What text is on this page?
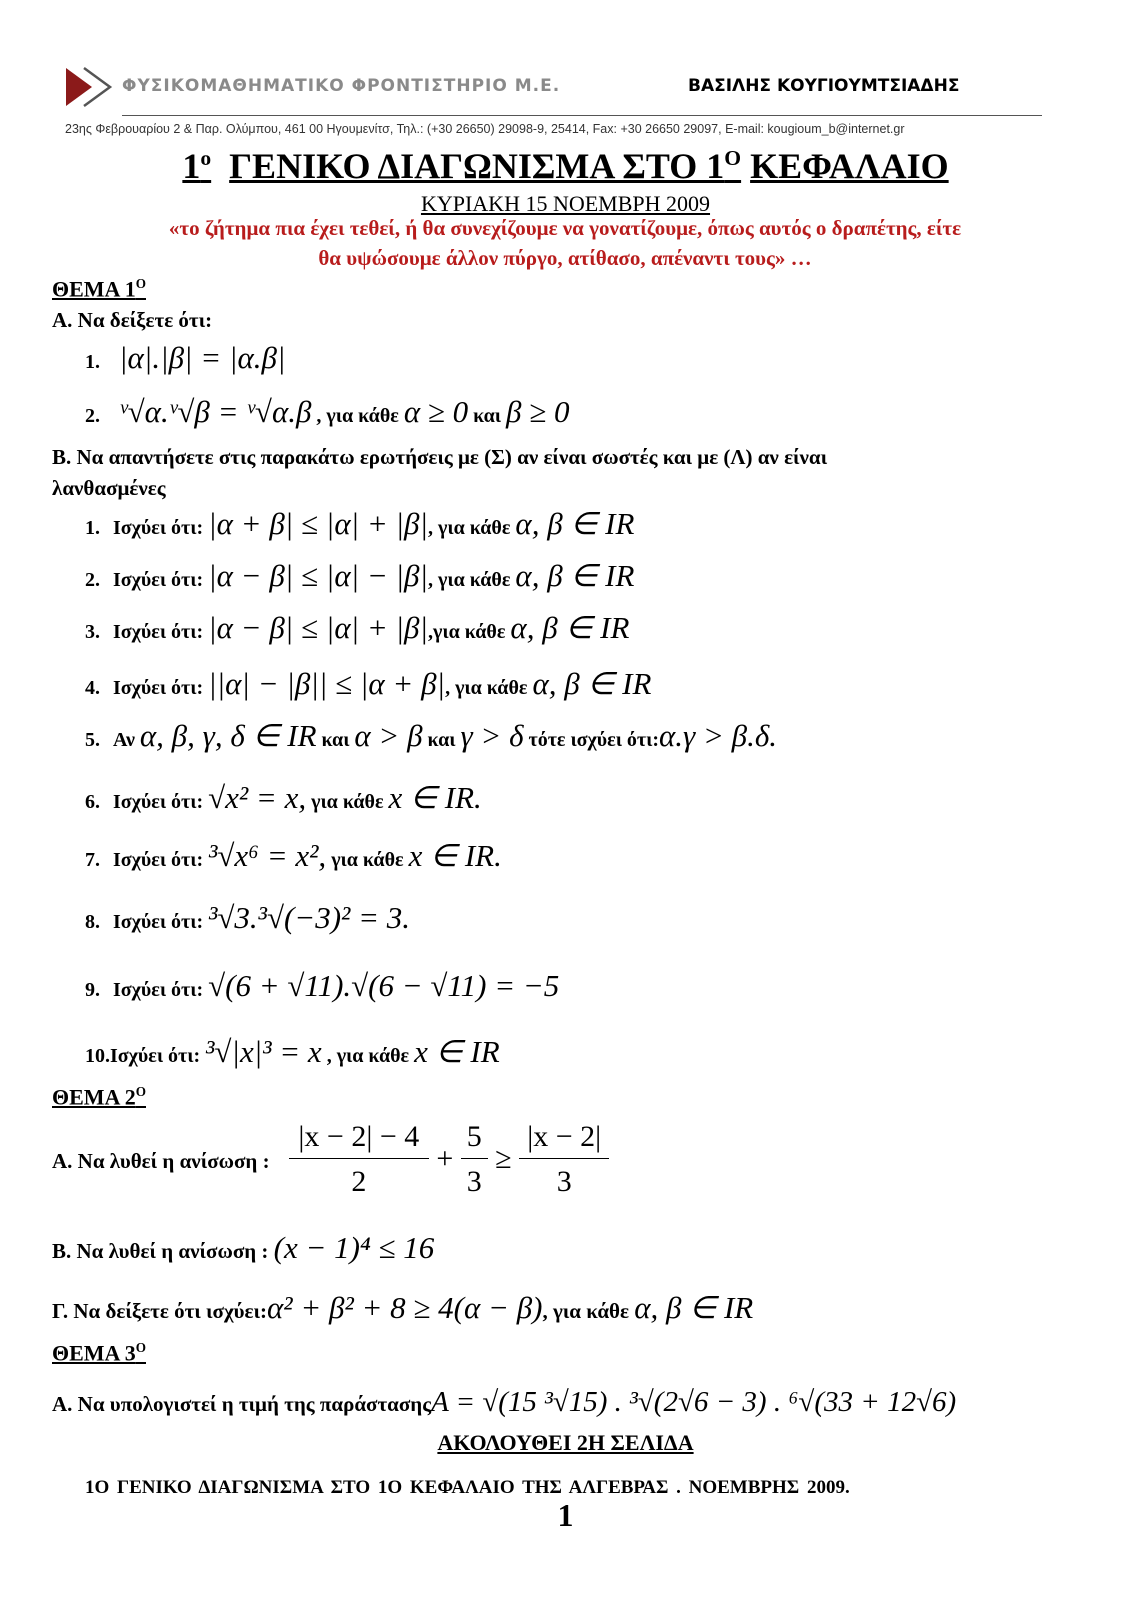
ΦΥΣΙΚΟΜΑΘΗΜΑΤΙΚΟ ΦΡΟΝΤΙΣΤΗΡΙΟ Μ.Ε.	ΒΑΣΙΛΗΣ ΚΟΥΓΙΟΥΜΤΣΙΑΔΗΣ
23ης Φεβρουαρίου 2 & Παρ. Ολύμπου, 461 00 Ηγουμενίτσ, Τηλ.: (+30 26650) 29098-9, 25414, Fax: +30 26650 29097, E-mail: kougioum_b@internet.gr
$1^o$ ΓΕΝΙΚΟ ΔΙΑΓΩΝΙΣΜΑ ΣΤΟ $1^O$ ΚΕΦΑΛΑΙΟ
ΚΥΡΙΑΚΗ 15 ΝΟΕΜΒΡΗ 2009
«το ζήτημα πια έχει τεθεί, ή θα συνεχίζουμε να γονατίζουμε, όπως αυτός ο δραπέτης, είτε
θα υψώσουμε άλλον πύργο, ατίθασο, απέναντι τους» …
ΘΕΜΑ $1^O$
Α. Να δείξετε ότι:
1. |α|.|β| = |α.β|
2. ᵛ√α.ᵛ√β = ᵛ√α.β , για κάθε α ≥ 0 και β ≥ 0
Β. Να απαντήσετε στις παρακάτω ερωτήσεις με (Σ) αν είναι σωστές και με (Λ) αν είναι
λανθασμένες
1. Ισχύει ότι: |α + β| ≤ |α| + |β|, για κάθε α, β ∈ IR
2. Ισχύει ότι: |α − β| ≤ |α| − |β|, για κάθε α, β ∈ IR
3. Ισχύει ότι: |α − β| ≤ |α| + |β|,για κάθε α, β ∈ IR
4. Ισχύει ότι: ||α| − |β|| ≤ |α + β|, για κάθε α, β ∈ IR
5. Αν α, β, γ, δ ∈ IR και α > β και γ > δ τότε ισχύει ότι:α.γ > β.δ.
6. Ισχύει ότι: √x² = x, για κάθε x ∈ IR.
7. Ισχύει ότι: ³√x⁶ = x², για κάθε x ∈ IR.
8. Ισχύει ότι: ³√3.³√(−3)² = 3.
9. Ισχύει ότι: √(6 + √11).√(6 − √11) = −5
10.Ισχύει ότι: ³√|x|³ = x , για κάθε x ∈ IR
ΘΕΜΑ $2^O$
Α. Να λυθεί η ανίσωση : $\frac{|x - 2| - 4}{2} + \frac{5}{3} \ge \frac{|x - 2|}{3}$
Β. Να λυθεί η ανίσωση : (x − 1)⁴ ≤ 16
Γ. Να δείξετε ότι ισχύει:α² + β² + 8 ≥ 4(α − β), για κάθε α, β ∈ IR
ΘΕΜΑ $3^O$
Α. Να υπολογιστεί η τιμή της παράστασηςA = √(15 ³√15) . ³√(2√6 − 3) . ⁶√(33 + 12√6)
ΑΚΟΛΟΥΘΕΙ 2Η ΣΕΛΙΔΑ
1Ο ΓΕΝΙΚΟ ΔΙΑΓΩΝΙΣΜΑ ΣΤΟ 1Ο ΚΕΦΑΛΑΙΟ ΤΗΣ ΑΛΓΕΒΡΑΣ . ΝΟΕΜΒΡΗΣ 2009.
1
